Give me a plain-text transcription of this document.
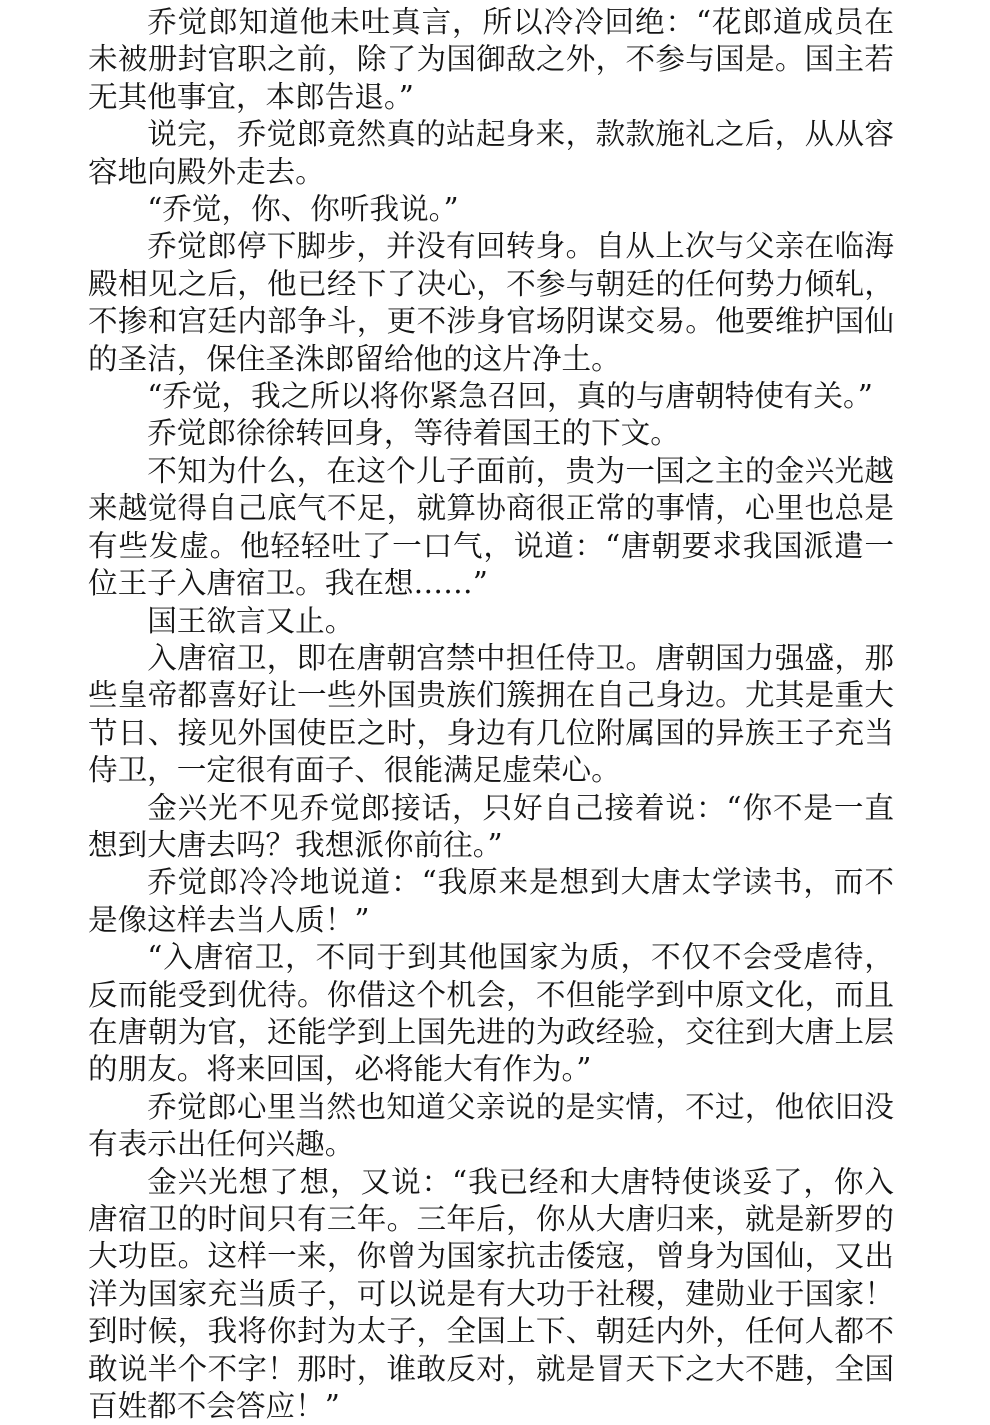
乔觉郎知道他未吐真言，所以冷冷回绝：“花郎道成员在未被册封官职之前，除了为国御敌之外，不参与国是。国主若无其他事宜，本郎告退。”

说完，乔觉郎竟然真的站起身来，款款施礼之后，从从容容地向殿外走去。

“乔觉，你、你听我说。”

乔觉郎停下脚步，并没有回转身。自从上次与父亲在临海殿相见之后，他已经下了决心，不参与朝廷的任何势力倾轧，不掺和宫廷内部争斗，更不涉身官场阴谋交易。他要维护国仙的圣洁，保住圣洙郎留给他的这片净土。

“乔觉，我之所以将你紧急召回，真的与唐朝特使有关。”

乔觉郎徐徐转回身，等待着国王的下文。

不知为什么，在这个儿子面前，贵为一国之主的金兴光越来越觉得自己底气不足，就算协商很正常的事情，心里也总是有些发虚。他轻轻吐了一口气，说道：“唐朝要求我国派遣一位王子入唐宿卫。我在想……”

国王欲言又止。

入唐宿卫，即在唐朝宫禁中担任侍卫。唐朝国力强盛，那些皇帝都喜好让一些外国贵族们簇拥在自己身边。尤其是重大节日、接见外国使臣之时，身边有几位附属国的异族王子充当侍卫，一定很有面子、很能满足虚荣心。

金兴光不见乔觉郎接话，只好自己接着说：“你不是一直想到大唐去吗？我想派你前往。”

乔觉郎冷冷地说道：“我原来是想到大唐太学读书，而不是像这样去当人质！”

“入唐宿卫，不同于到其他国家为质，不仅不会受虐待，反而能受到优待。你借这个机会，不但能学到中原文化，而且在唐朝为官，还能学到上国先进的为政经验，交往到大唐上层的朋友。将来回国，必将能大有作为。”

乔觉郎心里当然也知道父亲说的是实情，不过，他依旧没有表示出任何兴趣。

金兴光想了想，又说：“我已经和大唐特使谈妥了，你入唐宿卫的时间只有三年。三年后，你从大唐归来，就是新罗的大功臣。这样一来，你曾为国家抗击倭寇，曾身为国仙，又出洋为国家充当质子，可以说是有大功于社稷，建勋业于国家！到时候，我将你封为太子，全国上下、朝廷内外，任何人都不敢说半个不字！那时，谁敢反对，就是冒天下之大不韪，全国百姓都不会答应！”
